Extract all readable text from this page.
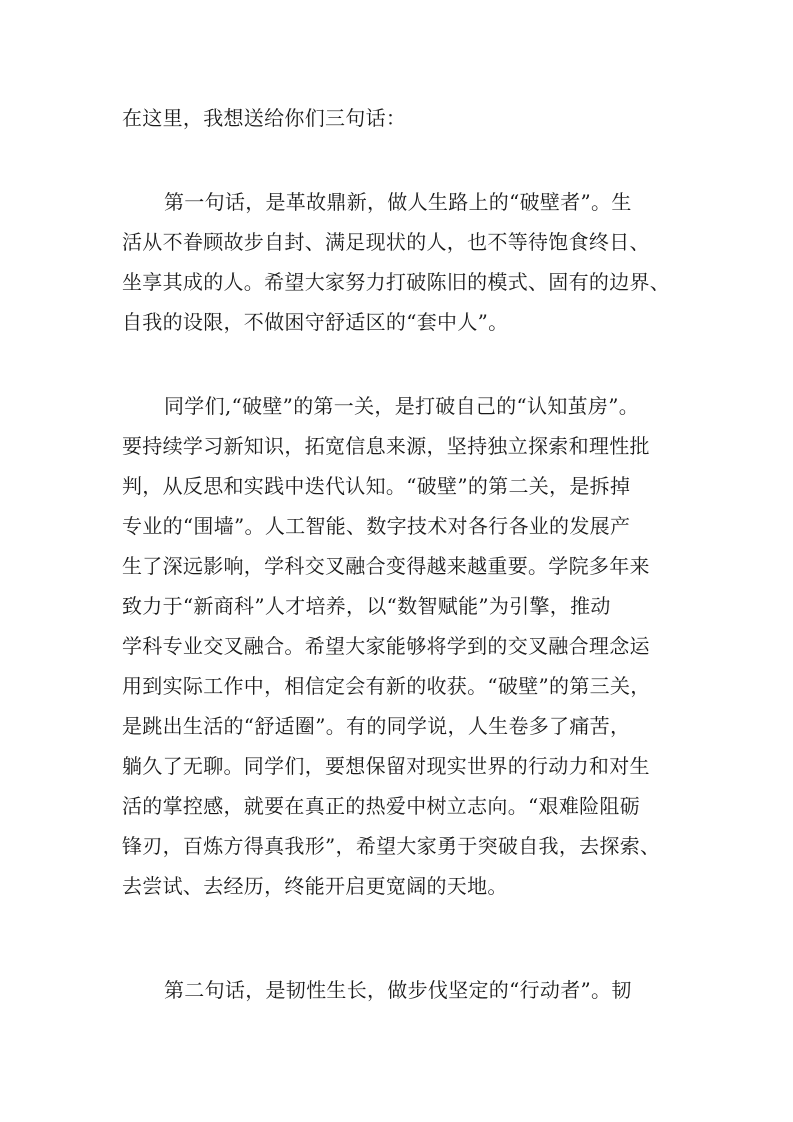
在这里，我想送给你们三句话：
第一句话，是革故鼎新，做人生路上的“破壁者”。生
活从不眷顾故步自封、满足现状的人，也不等待饱食终日、
坐享其成的人。希望大家努力打破陈旧的模式、固有的边界、
自我的设限，不做困守舒适区的“套中人”。
同学们,“破壁”的第一关，是打破自己的“认知茧房”。
要持续学习新知识，拓宽信息来源，坚持独立探索和理性批
判，从反思和实践中迭代认知。“破壁”的第二关，是拆掉
专业的“围墙”。人工智能、数字技术对各行各业的发展产
生了深远影响，学科交叉融合变得越来越重要。学院多年来
致力于“新商科”人才培养，以“数智赋能”为引擎，推动
学科专业交叉融合。希望大家能够将学到的交叉融合理念运
用到实际工作中，相信定会有新的收获。“破壁”的第三关，
是跳出生活的“舒适圈”。有的同学说，人生卷多了痛苦，
躺久了无聊。同学们，要想保留对现实世界的行动力和对生
活的掌控感，就要在真正的热爱中树立志向。“艰难险阻砺
锋刃，百炼方得真我形”，希望大家勇于突破自我，去探索、
去尝试、去经历，终能开启更宽阔的天地。
第二句话，是韧性生长，做步伐坚定的“行动者”。韧
